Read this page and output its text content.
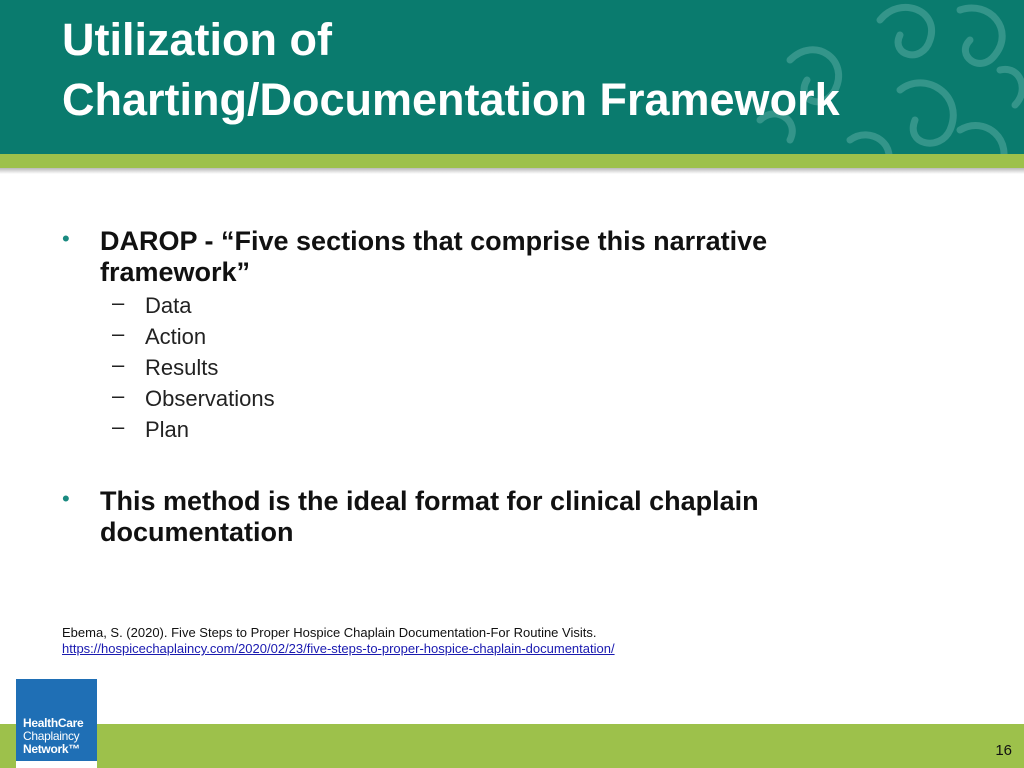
Utilization of
Charting/Documentation Framework
• DAROP - “Five sections that comprise this narrative
framework”
– Data
– Action
– Results
– Observations
– Plan
• This method is the ideal format for clinical chaplain
documentation
Ebema, S. (2020). Five Steps to Proper Hospice Chaplain Documentation-For Routine Visits.
https://hospicechaplaincy.com/2020/02/23/five-steps-to-proper-hospice-chaplain-documentation/
HealthCare
Chaplaincy
Network™	16
